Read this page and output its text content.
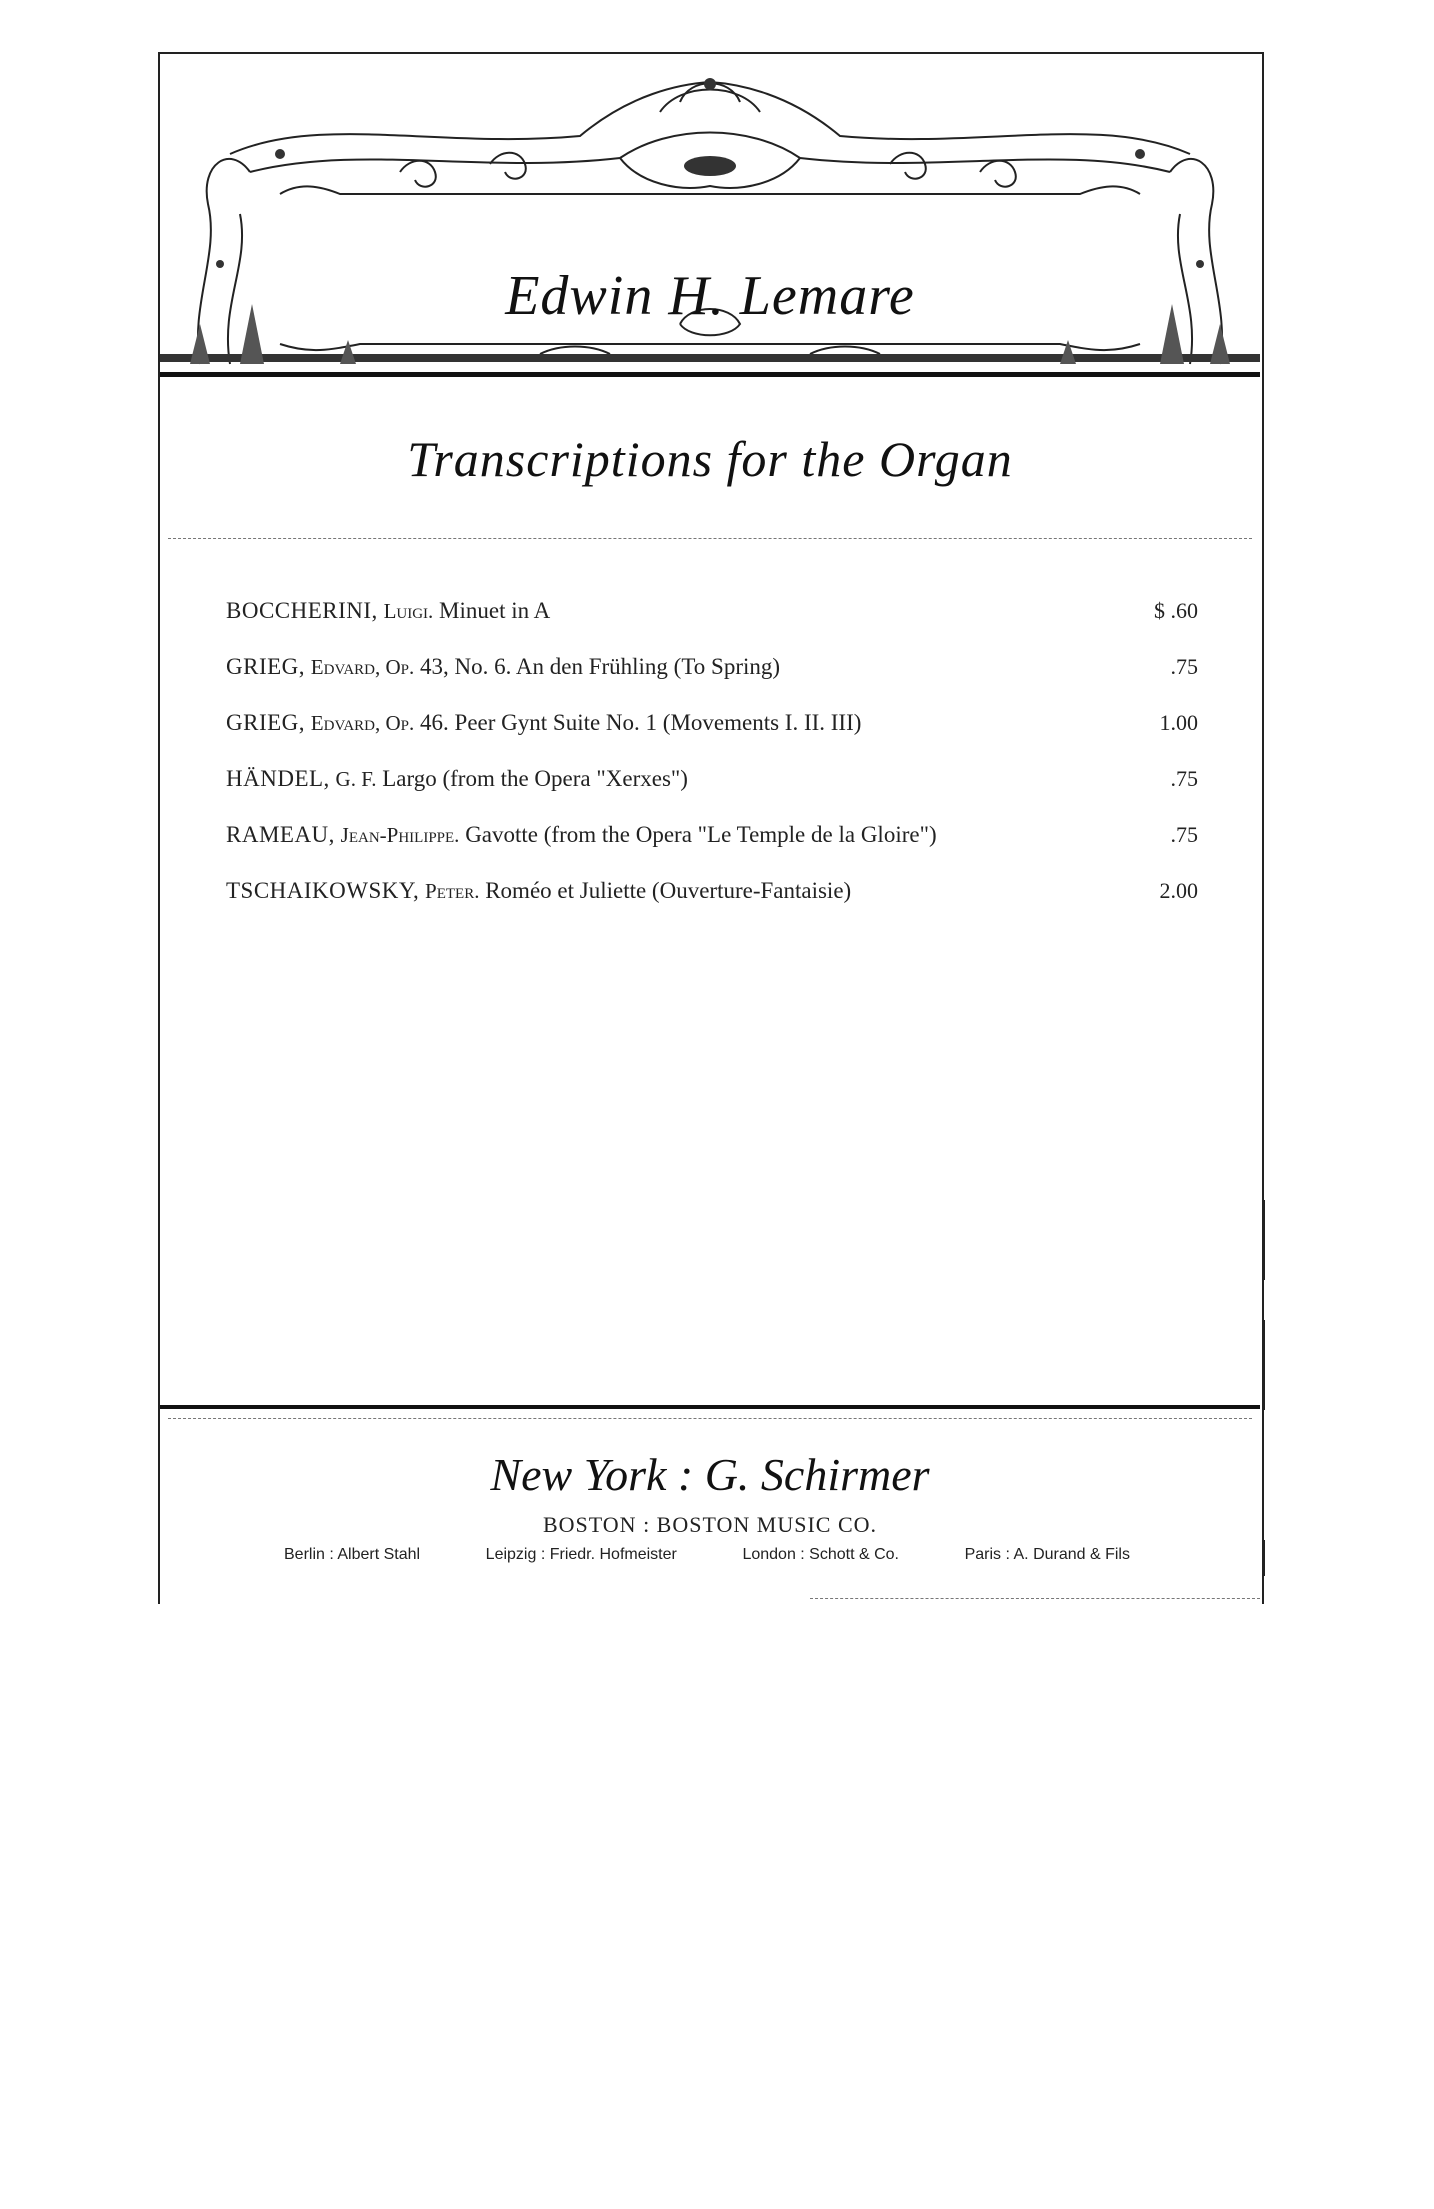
Edwin H. Lemare
Transcriptions for the Organ
BOCCHERINI, Luigi. Minuet in A	$ .60
GRIEG, Edvard, Op. 43, No. 6. An den Frühling (To Spring)	.75
GRIEG, Edvard, Op. 46. Peer Gynt Suite No. 1 (Movements I. II. III)	1.00
HÄNDEL, G. F. Largo (from the Opera "Xerxes")	.75
RAMEAU, Jean-Philippe. Gavotte (from the Opera "Le Temple de la Gloire")	.75
TSCHAIKOWSKY, Peter. Roméo et Juliette (Ouverture-Fantaisie)	2.00
New York : G. Schirmer
BOSTON : BOSTON MUSIC CO.
Berlin : Albert Stahl	Leipzig : Friedr. Hofmeister	London : Schott & Co.	Paris : A. Durand & Fils
